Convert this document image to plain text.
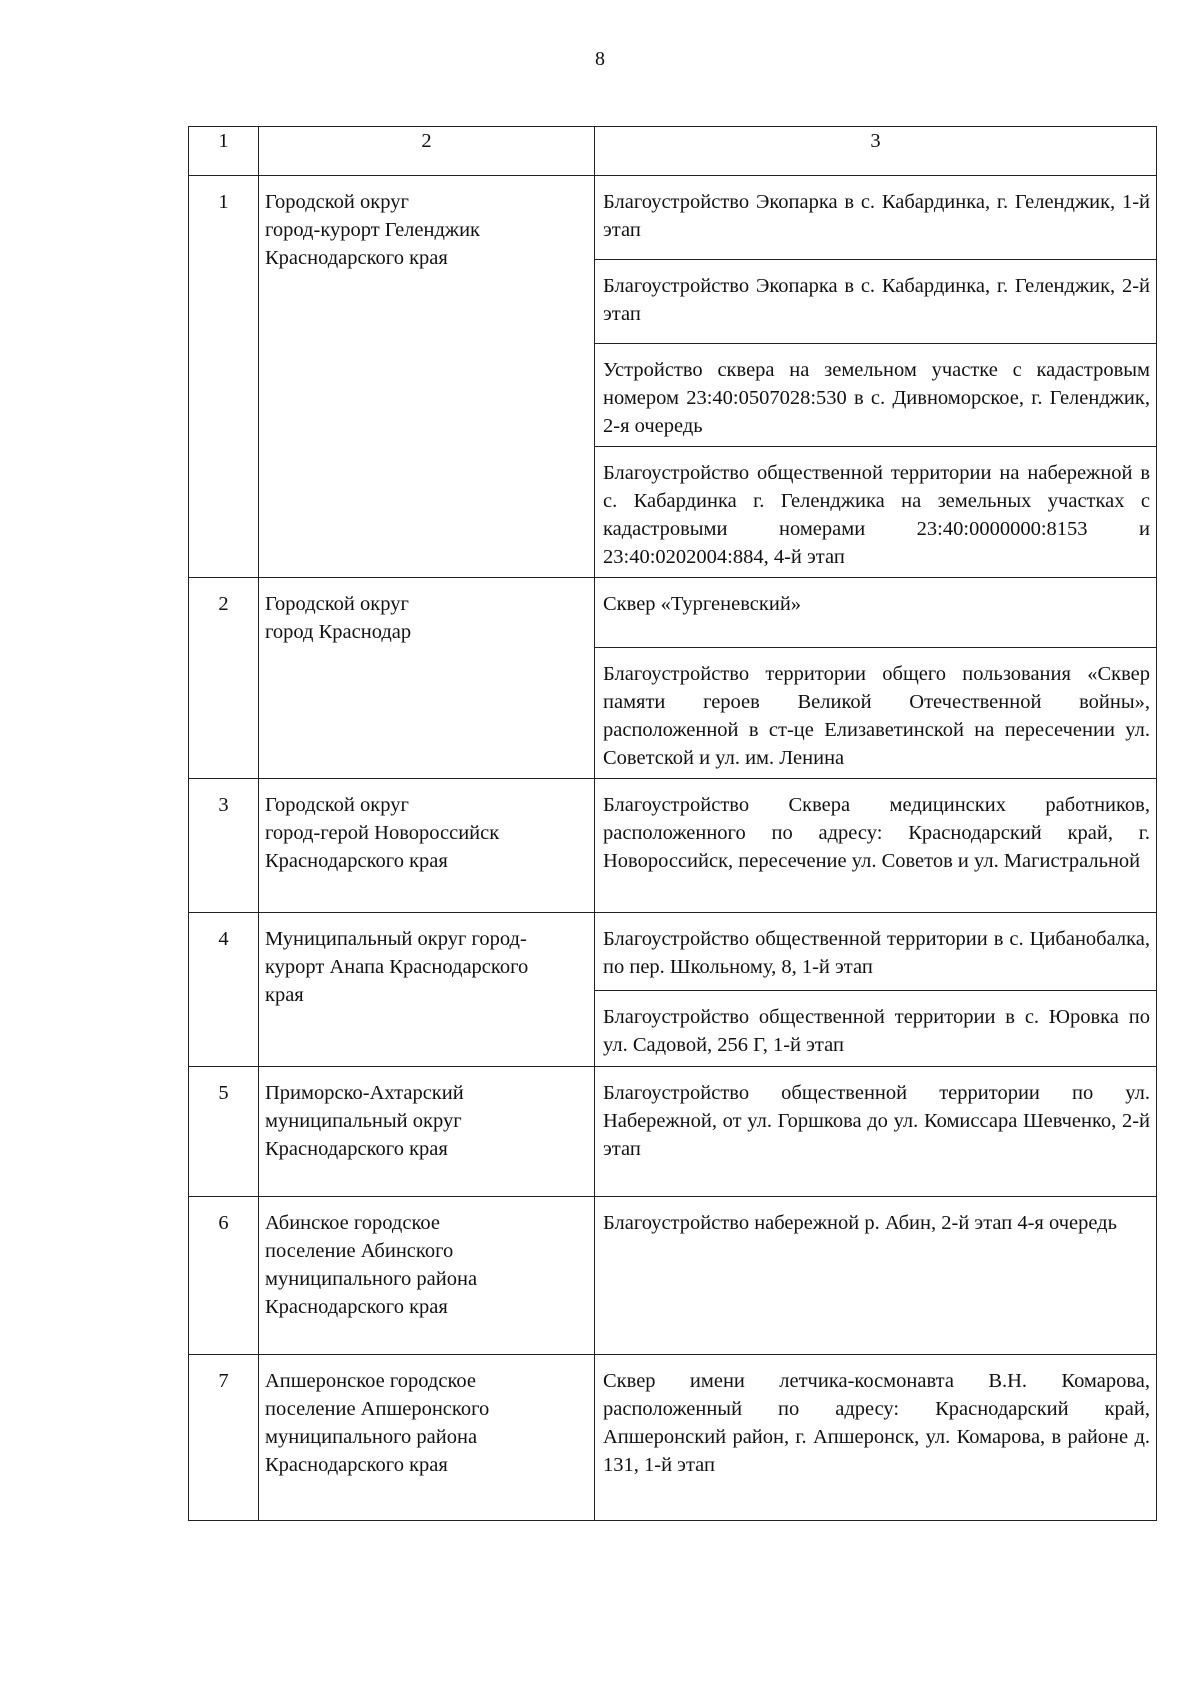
8
1	2	3
1	Городской округ
город-курорт Геленджик
Краснодарского края	Благоустройство Экопарка в с. Кабардинка, г. Геленджик, 1-й этап
		Благоустройство Экопарка в с. Кабардинка, г. Геленджик, 2-й этап
		Устройство сквера на земельном участке с кадастровым номером 23:40:0507028:530 в с. Дивноморское, г. Геленджик, 2-я очередь
		Благоустройство общественной территории на набережной в с. Кабардинка г. Геленджика на земельных участках с кадастровыми номерами 23:40:0000000:8153 и 23:40:0202004:884, 4-й этап
2	Городской округ
город Краснодар	Сквер «Тургеневский»
		Благоустройство территории общего пользования «Сквер памяти героев Великой Отечественной войны», расположенной в ст-це Елизаветинской на пересечении ул. Советской и ул. им. Ленина
3	Городской округ
город-герой Новороссийск
Краснодарского края	Благоустройство Сквера медицинских работников, расположенного по адресу: Краснодарский край, г. Новороссийск, пересечение ул. Советов и ул. Магистральной
4	Муниципальный округ город-
курорт Анапа Краснодарского
края	Благоустройство общественной территории в с. Цибанобалка, по пер. Школьному, 8, 1-й этап
		Благоустройство общественной территории в с. Юровка по ул. Садовой, 256 Г, 1-й этап
5	Приморско-Ахтарский
муниципальный округ
Краснодарского края	Благоустройство общественной территории по ул. Набережной, от ул. Горшкова до ул. Комиссара Шевченко, 2-й этап
6	Абинское городское
поселение Абинского
муниципального района
Краснодарского края	Благоустройство набережной р. Абин, 2-й этап 4-я очередь
7	Апшеронское городское
поселение Апшеронского
муниципального района
Краснодарского края	Сквер имени летчика-космонавта В.Н. Комарова, расположенный по адресу: Краснодарский край, Апшеронский район, г. Апшеронск, ул. Комарова, в районе д. 131, 1-й этап
